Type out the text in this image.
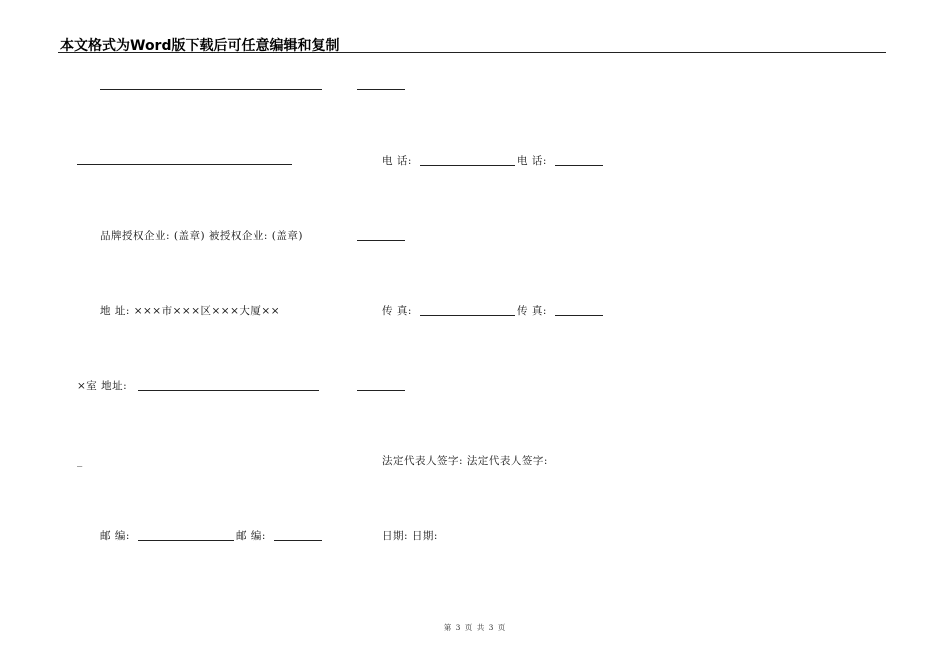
本文格式为Word版下载后可任意编辑和复制
电 话:	电 话:
品牌授权企业: (盖章) 被授权企业: (盖章)
地 址: ×××市×××区×××大厦××	传 真:	传 真:
×室 地址:
_	法定代表人签字: 法定代表人签字:
邮 编:	邮 编:	日期: 日期:
第 3 页 共 3 页
